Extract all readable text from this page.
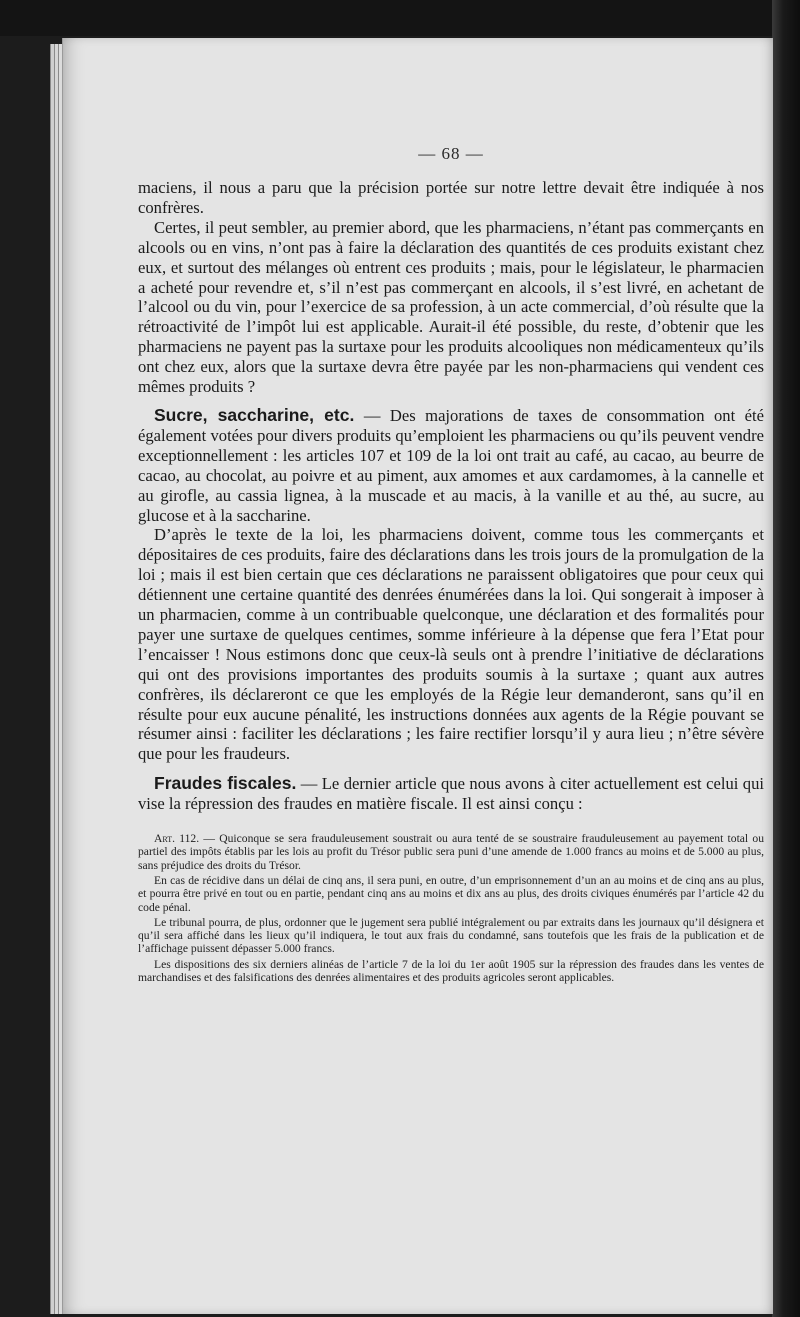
— 68 —

maciens, il nous a paru que la précision portée sur notre lettre devait être indiquée à nos confrères.

Certes, il peut sembler, au premier abord, que les pharmaciens, n’étant pas commerçants en alcools ou en vins, n’ont pas à faire la déclaration des quantités de ces produits existant chez eux, et surtout des mélanges où entrent ces produits ; mais, pour le législateur, le pharmacien a acheté pour revendre et, s’il n’est pas commerçant en alcools, il s’est livré, en achetant de l’alcool ou du vin, pour l’exercice de sa profession, à un acte commercial, d’où résulte que la rétroactivité de l’impôt lui est applicable. Aurait-il été possible, du reste, d’obtenir que les pharmaciens ne payent pas la surtaxe pour les produits alcooliques non médicamenteux qu’ils ont chez eux, alors que la surtaxe devra être payée par les non-pharmaciens qui vendent ces mêmes produits ?

Sucre, saccharine, etc. — Des majorations de taxes de consommation ont été également votées pour divers produits qu’emploient les pharmaciens ou qu’ils peuvent vendre exceptionnellement : les articles 107 et 109 de la loi ont trait au café, au cacao, au beurre de cacao, au chocolat, au poivre et au piment, aux amomes et aux cardamomes, à la cannelle et au girofle, au cassia lignea, à la muscade et au macis, à la vanille et au thé, au sucre, au glucose et à la saccharine.

D’après le texte de la loi, les pharmaciens doivent, comme tous les commerçants et dépositaires de ces produits, faire des déclarations dans les trois jours de la promulgation de la loi ; mais il est bien certain que ces déclarations ne paraissent obligatoires que pour ceux qui détiennent une certaine quantité des denrées énumérées dans la loi. Qui songerait à imposer à un pharmacien, comme à un contribuable quelconque, une déclaration et des formalités pour payer une surtaxe de quelques centimes, somme inférieure à la dépense que fera l’Etat pour l’encaisser ! Nous estimons donc que ceux-là seuls ont à prendre l’initiative de déclarations qui ont des provisions importantes des produits soumis à la surtaxe ; quant aux autres confrères, ils déclareront ce que les employés de la Régie leur demanderont, sans qu’il en résulte pour eux aucune pénalité, les instructions données aux agents de la Régie pouvant se résumer ainsi : faciliter les déclarations ; les faire rectifier lorsqu’il y aura lieu ; n’être sévère que pour les fraudeurs.

Fraudes fiscales. — Le dernier article que nous avons à citer actuellement est celui qui vise la répression des fraudes en matière fiscale. Il est ainsi conçu :

Art. 112. — Quiconque se sera frauduleusement soustrait ou aura tenté de se soustraire frauduleusement au payement total ou partiel des impôts établis par les lois au profit du Trésor public sera puni d’une amende de 1.000 francs au moins et de 5.000 au plus, sans préjudice des droits du Trésor.

En cas de récidive dans un délai de cinq ans, il sera puni, en outre, d’un emprisonnement d’un an au moins et de cinq ans au plus, et pourra être privé en tout ou en partie, pendant cinq ans au moins et dix ans au plus, des droits civiques énumérés par l’article 42 du code pénal.

Le tribunal pourra, de plus, ordonner que le jugement sera publié intégralement ou par extraits dans les journaux qu’il désignera et qu’il sera affiché dans les lieux qu’il indiquera, le tout aux frais du condamné, sans toutefois que les frais de la publication et de l’affichage puissent dépasser 5.000 francs.

Les dispositions des six derniers alinéas de l’article 7 de la loi du 1er août 1905 sur la répression des fraudes dans les ventes de marchandises et des falsifications des denrées alimentaires et des produits agricoles seront applicables.
